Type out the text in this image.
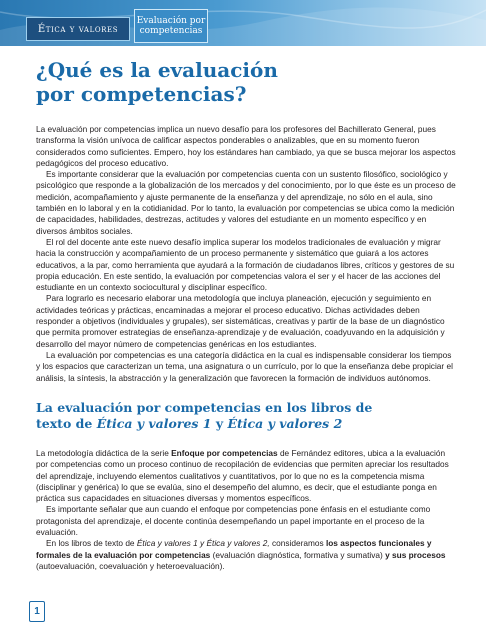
Ética y valores
Evaluación por
competencias
¿Qué es la evaluación
por competencias?

La evaluación por competencias implica un nuevo desafío para los profesores del Bachillerato General, pues transforma la visión unívoca de calificar aspectos ponderables o analizables, que en su momento fueron considerados como suficientes. Empero, hoy los estándares han cambiado, ya que se busca mejorar los aspectos pedagógicos del proceso educativo.

Es importante considerar que la evaluación por competencias cuenta con un sustento filosófico, sociológico y psicológico que responde a la globalización de los mercados y del conocimiento, por lo que éste es un proceso de medición, acompañamiento y ajuste permanente de la enseñanza y del aprendizaje, no sólo en el aula, sino también en lo laboral y en la cotidianidad. Por lo tanto, la evaluación por competencias se ubica como la medición de capacidades, habilidades, destrezas, actitudes y valores del estudiante en un momento específico y en diversos ámbitos sociales.

El rol del docente ante este nuevo desafío implica superar los modelos tradicionales de evaluación y migrar hacia la construcción y acompañamiento de un proceso permanente y sistemático que guiará a los actores educativos, a la par, como herramienta que ayudará a la formación de ciudadanos libres, críticos y gestores de su propia educación. En este sentido, la evaluación por competencias valora el ser y el hacer de las acciones del estudiante en un contexto sociocultural y disciplinar específico.

Para lograrlo es necesario elaborar una metodología que incluya planeación, ejecución y seguimiento en actividades teóricas y prácticas, encaminadas a mejorar el proceso educativo. Dichas actividades deben responder a objetivos (individuales y grupales), ser sistemáticas, creativas y partir de la base de un diagnóstico que permita promover estrategias de enseñanza-aprendizaje y de evaluación, coadyuvando en la adquisición y desarrollo del mayor número de competencias genéricas en los estudiantes.

La evaluación por competencias es una categoría didáctica en la cual es indispensable considerar los tiempos y los espacios que caracterizan un tema, una asignatura o un currículo, por lo que la enseñanza debe propiciar el análisis, la síntesis, la abstracción y la generalización que favorecen la formación de individuos autónomos.

La evaluación por competencias en los libros de
texto de Ética y valores 1 y Ética y valores 2

La metodología didáctica de la serie Enfoque por competencias de Fernández editores, ubica a la evaluación por competencias como un proceso continuo de recopilación de evidencias que permiten apreciar los resultados del aprendizaje, incluyendo elementos cualitativos y cuantitativos, por lo que no es la competencia misma (disciplinar y genérica) lo que se evalúa, sino el desempeño del alumno, es decir, que el estudiante ponga en práctica sus capacidades en situaciones diversas y momentos específicos.

Es importante señalar que aun cuando el enfoque por competencias pone énfasis en el estudiante como protagonista del aprendizaje, el docente continúa desempeñando un papel importante en el proceso de la evaluación.

En los libros de texto de Ética y valores 1 y Ética y valores 2, consideramos los aspectos funcionales y formales de la evaluación por competencias (evaluación diagnóstica, formativa y sumativa) y sus procesos (autoevaluación, coevaluación y heteroevaluación).

1
